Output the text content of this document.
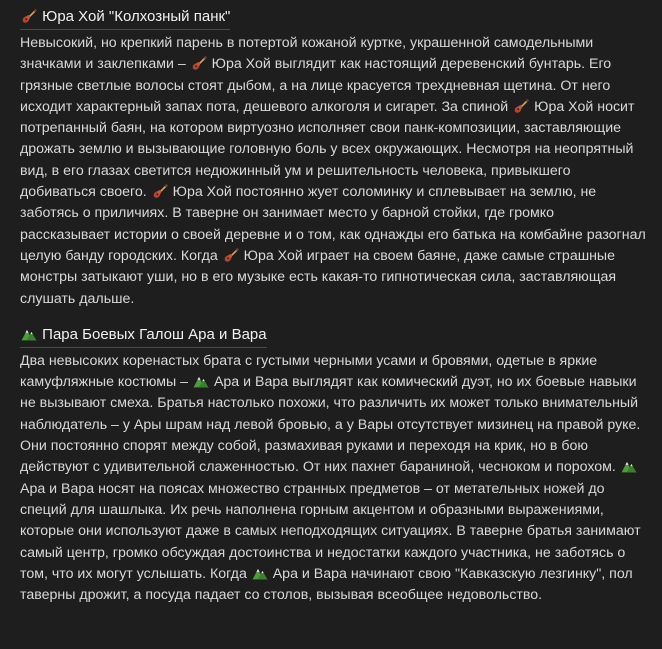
Юра Хой "Колхозный панк"

Невысокий, но крепкий парень в потертой кожаной куртке, украшенной самодельными значками и заклепками –
Юра Хой выглядит как настоящий деревенский бунтарь. Его грязные светлые волосы стоят дыбом, а на лице красуется трехдневная щетина. От него исходит характерный запах пота, дешевого алкоголя и сигарет. За спиной
Юра Хой носит потрепанный баян, на котором виртуозно исполняет свои панк-композиции, заставляющие дрожать землю и вызывающие головную боль у всех окружающих. Несмотря на неопрятный вид, в его глазах светится недюжинный ум и решительность человека, привыкшего добиваться своего.
Юра Хой постоянно жует соломинку и сплевывает на землю, не заботясь о приличиях. В таверне он занимает место у барной стойки, где громко рассказывает истории о своей деревне и о том, как однажды его батька на комбайне разогнал целую банду городских. Когда
Юра Хой играет на своем баяне, даже самые страшные монстры затыкают уши, но в его музыке есть какая-то гипнотическая сила, заставляющая слушать дальше.

Пара Боевых Галош Ара и Вара

Два невысоких коренастых брата с густыми черными усами и бровями, одетые в яркие камуфляжные костюмы –
Ара и Вара выглядят как комический дуэт, но их боевые навыки не вызывают смеха. Братья настолько похожи, что различить их может только внимательный наблюдатель – у Ары шрам над левой бровью, а у Вары отсутствует мизинец на правой руке. Они постоянно спорят между собой, размахивая руками и переходя на крик, но в бою действуют с удивительной слаженностью. От них пахнет бараниной, чесноком и порохом.
Ара и Вара носят на поясах множество странных предметов – от метательных ножей до специй для шашлыка. Их речь наполнена горным акцентом и образными выражениями, которые они используют даже в самых неподходящих ситуациях. В таверне братья занимают самый центр, громко обсуждая достоинства и недостатки каждого участника, не заботясь о том, что их могут услышать. Когда
Ара и Вара начинают свою "Кавказскую лезгинку", пол таверны дрожит, а посуда падает со столов, вызывая всеобщее недовольство.
